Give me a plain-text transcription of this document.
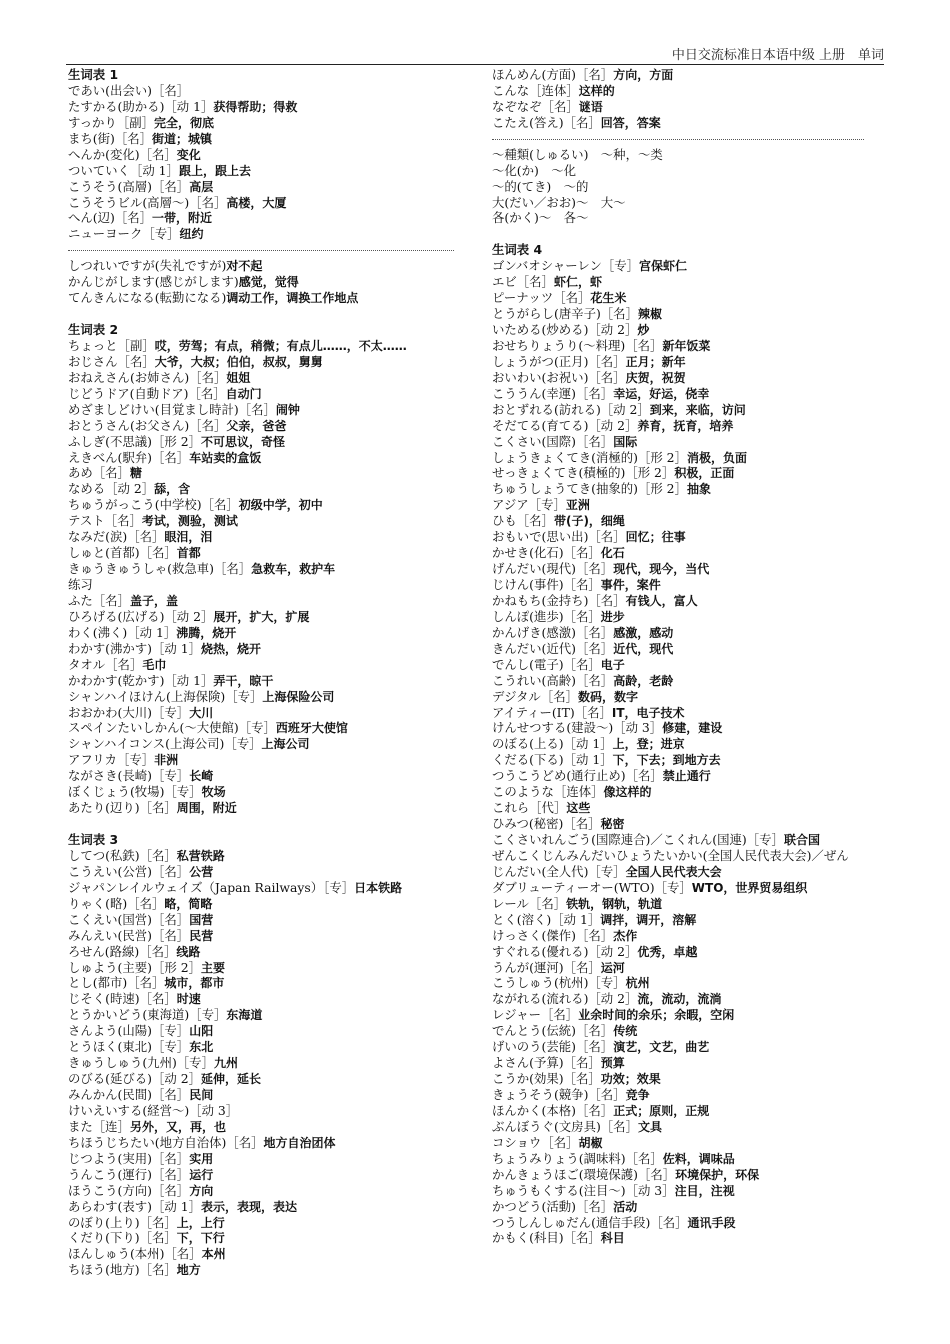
中日交流标准日本语中级 上册　单词
生词表 1
であい(出会い)［名］
たすかる(助かる)［动 1］获得帮助；得救
すっかり［副］完全，彻底
まち(街)［名］街道；城镇
へんか(変化)［名］变化
ついていく［动 1］跟上，跟上去
こうそう(高層)［名］高层
こうそうビル(高層～)［名］高楼，大厦
へん(辺)［名］一带，附近
ニューヨーク［专］纽约
しつれいですが(失礼ですが)对不起
かんじがします(感じがします)感觉，觉得
てんきんになる(転勤になる)调动工作，调换工作地点
生词表 2
ちょっと［副］哎，劳驾；有点，稍微；有点儿……，不太……
おじさん［名］大爷，大叔；伯伯，叔叔，舅舅
おねえさん(お姉さん)［名］姐姐
じどうドア(自動ドア)［名］自动门
めざましどけい(目覚まし時計)［名］闹钟
おとうさん(お父さん)［名］父亲，爸爸
ふしぎ(不思議)［形 2］不可思议，奇怪
えきべん(駅弁)［名］车站卖的盒饭
あめ［名］糖
なめる［动 2］舔，含
ちゅうがっこう(中学校)［名］初级中学，初中
テスト［名］考试，测验，测试
なみだ(涙)［名］眼泪，泪
しゅと(首都)［名］首都
きゅうきゅうしゃ(救急車)［名］急救车，救护车
练习
ふた［名］盖子，盖
ひろげる(広げる)［动 2］展开，扩大，扩展
わく(沸く)［动 1］沸腾，烧开
わかす(沸かす)［动 1］烧热，烧开
タオル［名］毛巾
かわかす(乾かす)［动 1］弄干，晾干
シャンハイほけん(上海保険)［专］上海保险公司
おおかわ(大川)［专］大川
スペインたいしかん(～大使館)［专］西班牙大使馆
シャンハイコンス(上海公司)［专］上海公司
アフリカ［专］非洲
ながさき(長崎)［专］长崎
ぼくじょう(牧場)［专］牧场
あたり(辺り)［名］周围，附近
生词表 3
してつ(私鉄)［名］私营铁路
こうえい(公営)［名］公营
ジャパンレイルウェイズ（Japan Railways）［专］日本铁路
りゃく(略)［名］略，简略
こくえい(国営)［名］国营
みんえい(民営)［名］民营
ろせん(路線)［名］线路
しゅよう(主要)［形 2］主要
とし(都市)［名］城市，都市
じそく(時速)［名］时速
とうかいどう(東海道)［专］东海道
さんよう(山陽)［专］山阳
とうほく(東北)［专］东北
きゅうしゅう(九州)［专］九州
のびる(延びる)［动 2］延伸，延长
みんかん(民間)［名］民间
けいえいする(経営～)［动 3］
また［连］另外，又，再，也
ちほうじちたい(地方自治体)［名］地方自治团体
じつよう(実用)［名］实用
うんこう(運行)［名］运行
ほうこう(方向)［名］方向
あらわす(表す)［动 1］表示，表现，表达
のぼり(上り)［名］上，上行
くだり(下り)［名］下，下行
ほんしゅう(本州)［名］本州
ちほう(地方)［名］地方
ほんめん(方面)［名］方向，方面
こんな［连体］这样的
なぞなぞ［名］谜语
こたえ(答え)［名］回答，答案
～種類(しゅるい)　～种，～类
～化(か)　～化
～的(てき)　～的
大(だい／おお)～　大～
各(かく)～　各～
生词表 4
ゴンバオシャーレン［专］宫保虾仁
エビ［名］虾仁，虾
ピーナッツ［名］花生米
とうがらし(唐辛子)［名］辣椒
いためる(炒める)［动 2］炒
おせちりょうり(～料理)［名］新年饭菜
しょうがつ(正月)［名］正月；新年
おいわい(お祝い)［名］庆贺，祝贺
こううん(幸運)［名］幸运，好运，侥幸
おとずれる(訪れる)［动 2］到来，来临，访问
そだてる(育てる)［动 2］养育，抚育，培养
こくさい(国際)［名］国际
しょうきょくてき(消極的)［形 2］消极，负面
せっきょくてき(積極的)［形 2］积极，正面
ちゅうしょうてき(抽象的)［形 2］抽象
アジア［专］亚洲
ひも［名］带(子)，细绳
おもいで(思い出)［名］回忆；往事
かせき(化石)［名］化石
げんだい(現代)［名］现代，现今，当代
じけん(事件)［名］事件，案件
かねもち(金持ち)［名］有钱人，富人
しんぽ(進歩)［名］进步
かんげき(感激)［名］感激，感动
きんだい(近代)［名］近代，现代
でんし(電子)［名］电子
こうれい(高齢)［名］高龄，老龄
デジタル［名］数码，数字
アイティー(IT)［名］IT，电子技术
けんせつする(建設～)［动 3］修建，建设
のぼる(上る)［动 1］上，登；进京
くだる(下る)［动 1］下，下去；到地方去
つうこうどめ(通行止め)［名］禁止通行
このような［连体］像这样的
これら［代］这些
ひみつ(秘密)［名］秘密
こくさいれんごう(国際連合)／こくれん(国連)［专］联合国
ぜんこくじんみんだいひょうたいかい(全国人民代表大会)／ぜん
じんだい(全人代)［专］全国人民代表大会
ダブリューティーオー(WTO)［专］WTO，世界贸易组织
レール［名］铁轨，钢轨，轨道
とく(溶く)［动 1］调拌，调开，溶解
けっさく(傑作)［名］杰作
すぐれる(優れる)［动 2］优秀，卓越
うんが(運河)［名］运河
こうしゅう(杭州)［专］杭州
ながれる(流れる)［动 2］流，流动，流淌
レジャー［名］业余时间的余乐；余暇，空闲
でんとう(伝統)［名］传统
げいのう(芸能)［名］演艺，文艺，曲艺
よさん(予算)［名］预算
こうか(効果)［名］功效；效果
きょうそう(競争)［名］竞争
ほんかく(本格)［名］正式；原则，正规
ぶんぼうぐ(文房具)［名］文具
コショウ［名］胡椒
ちょうみりょう(調味料)［名］佐料，调味品
かんきょうほご(環境保護)［名］环境保护，环保
ちゅうもくする(注目～)［动 3］注目，注视
かつどう(活動)［名］活动
つうしんしゅだん(通信手段)［名］通讯手段
かもく(科目)［名］科目
